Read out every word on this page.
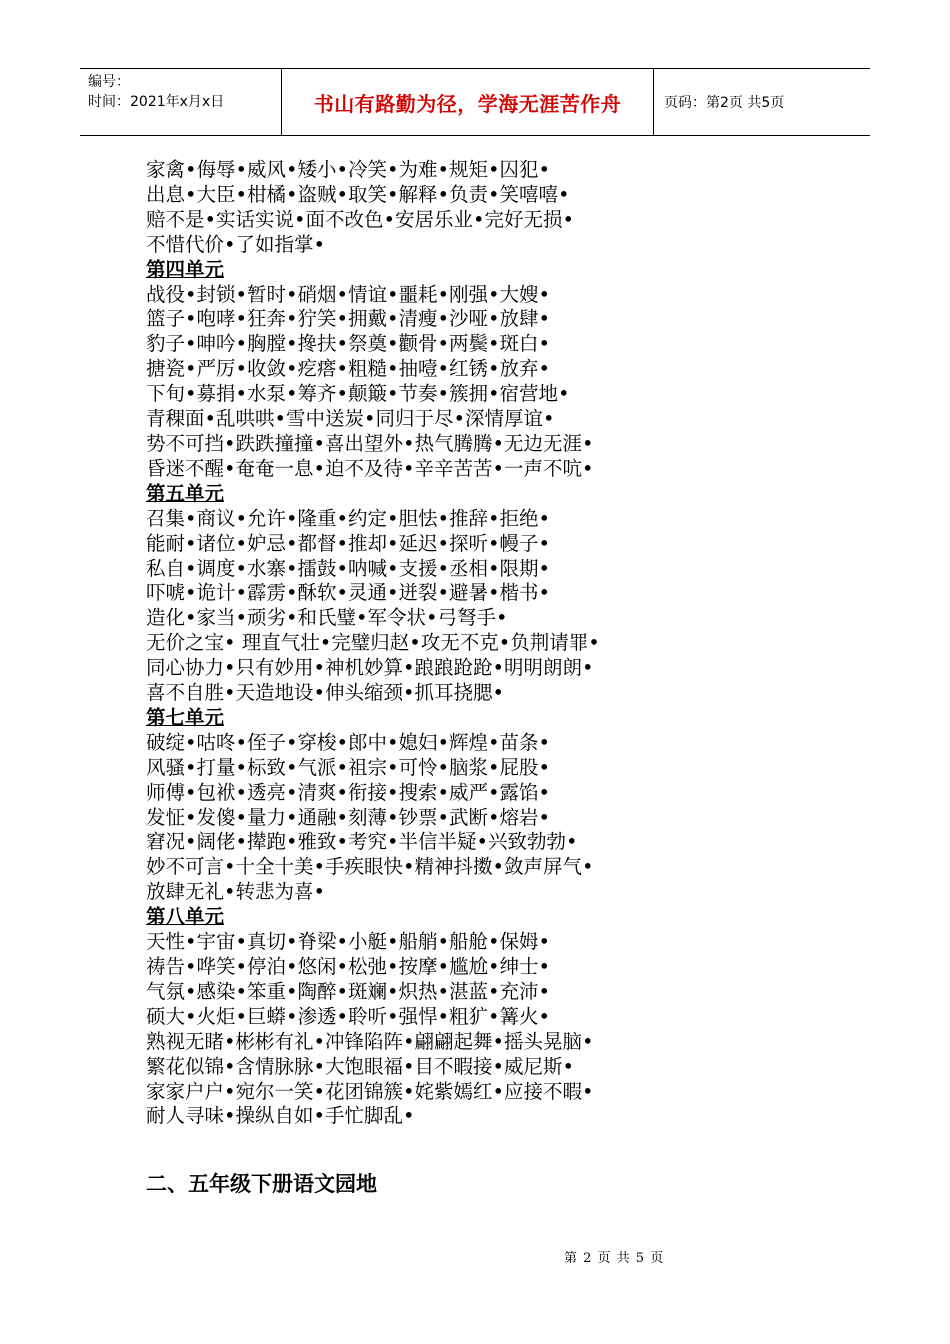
编号：
时间：2021年x月x日	书山有路勤为径，学海无涯苦作舟	页码：第2页 共5页
家禽•侮辱•威风•矮小•冷笑•为难•规矩•囚犯•
出息•大臣•柑橘•盗贼•取笑•解释•负责•笑嘻嘻•
赔不是•实话实说•面不改色•安居乐业•完好无损•
不惜代价•了如指掌•
第四单元
战役•封锁•暂时•硝烟•情谊•噩耗•刚强•大嫂•
篮子•咆哮•狂奔•狞笑•拥戴•清瘦•沙哑•放肆•
豹子•呻吟•胸膛•搀扶•祭奠•颧骨•两鬓•斑白•
搪瓷•严厉•收敛•疙瘩•粗糙•抽噎•红锈•放弃•
下旬•募捐•水泵•筹齐•颠簸•节奏•簇拥•宿营地•
青稞面•乱哄哄•雪中送炭•同归于尽•深情厚谊•
势不可挡•跌跌撞撞•喜出望外•热气腾腾•无边无涯•
昏迷不醒•奄奄一息•迫不及待•辛辛苦苦•一声不吭•
第五单元
召集•商议•允许•隆重•约定•胆怯•推辞•拒绝•
能耐•诸位•妒忌•都督•推却•延迟•探听•幔子•
私自•调度•水寨•擂鼓•呐喊•支援•丞相•限期•
吓唬•诡计•霹雳•酥软•灵通•迸裂•避暑•楷书•
造化•家当•顽劣•和氏璧•军令状•弓弩手•
无价之宝• 理直气壮•完璧归赵•攻无不克•负荆请罪•
同心协力•只有妙用•神机妙算•踉踉跄跄•明明朗朗•
喜不自胜•天造地设•伸头缩颈•抓耳挠腮•
第七单元
破绽•咕咚•侄子•穿梭•郎中•媳妇•辉煌•苗条•
风骚•打量•标致•气派•祖宗•可怜•脑浆•屁股•
师傅•包袱•透亮•清爽•衔接•搜索•威严•露馅•
发怔•发傻•量力•通融•刻薄•钞票•武断•熔岩•
窘况•阔佬•撵跑•雅致•考究•半信半疑•兴致勃勃•
妙不可言•十全十美•手疾眼快•精神抖擞•敛声屏气•
放肆无礼•转悲为喜•
第八单元
天性•宇宙•真切•脊梁•小艇•船艄•船舱•保姆•
祷告•哗笑•停泊•悠闲•松弛•按摩•尴尬•绅士•
气氛•感染•笨重•陶醉•斑斓•炽热•湛蓝•充沛•
硕大•火炬•巨蟒•渗透•聆听•强悍•粗犷•篝火•
熟视无睹•彬彬有礼•冲锋陷阵•翩翩起舞•摇头晃脑•
繁花似锦•含情脉脉•大饱眼福•目不暇接•威尼斯•
家家户户•宛尔一笑•花团锦簇•姹紫嫣红•应接不暇•
耐人寻味•操纵自如•手忙脚乱•
二、五年级下册语文园地
第 2 页 共 5 页
